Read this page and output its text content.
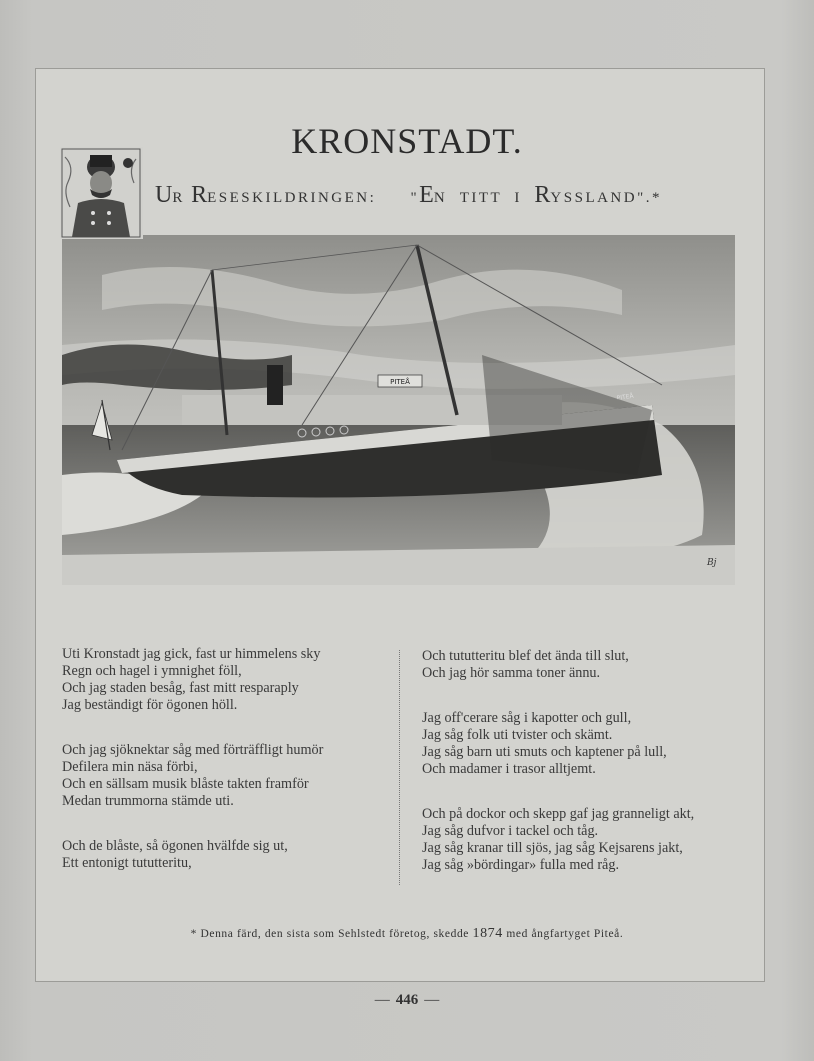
KRONSTADT.
UR RESESKILDRINGEN: "EN TITT I RYSSLAND".*
PITEÅ
PITEÅ
Bj
Uti Kronstadt jag gick, fast ur himmelens sky
Regn och hagel i ymnighet föll,
Och jag staden besåg, fast mitt resparaply
Jag beständigt för ögonen höll.
Och jag sjöknektar såg med förträffligt humör
Defilera min näsa förbi,
Och en sällsam musik blåste takten framför
Medan trummorna stämde uti.
Och de blåste, så ögonen hvälfde sig ut,
Ett entonigt tututteritu,
Och tututteritu blef det ända till slut,
Och jag hör samma toner ännu.
Jag off'cerare såg i kapotter och gull,
Jag såg folk uti tvister och skämt.
Jag såg barn uti smuts och kaptener på lull,
Och madamer i trasor alltjemt.
Och på dockor och skepp gaf jag granneligt akt,
Jag såg dufvor i tackel och tåg.
Jag såg kranar till sjös, jag såg Kejsarens jakt,
Jag såg »bördingar» fulla med råg.
* Denna färd, den sista som Sehlstedt företog, skedde 1874 med ångfartyget Piteå.
— 446 —
